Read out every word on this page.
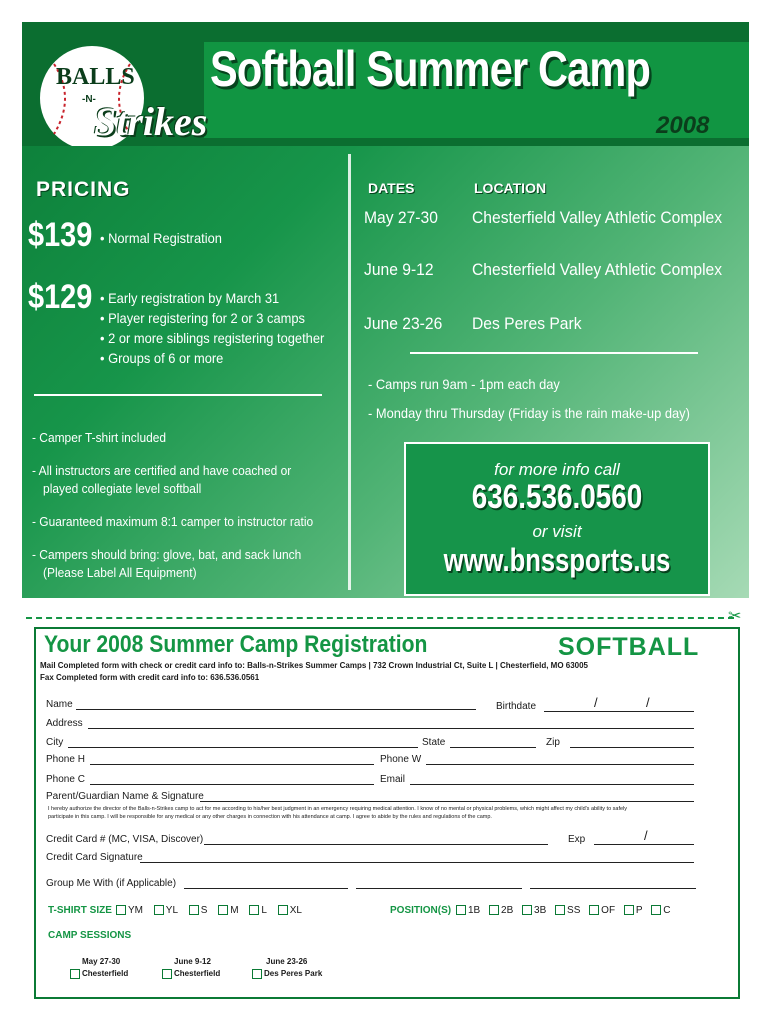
BALLS
-N-
Strikes
Softball Summer Camp
2008
PRICING
$139 • Normal Registration
$129 • Early registration by March 31
• Player registering for 2 or 3 camps
• 2 or more siblings registering together
• Groups of 6 or more
- Camper T-shirt included
- All instructors are certified and have coached or
played collegiate level softball
- Guaranteed maximum 8:1 camper to instructor ratio
- Campers should bring: glove, bat, and sack lunch
(Please Label All Equipment)
DATES	LOCATION
May 27-30 Chesterfield Valley Athletic Complex
June 9-12 Chesterfield Valley Athletic Complex
June 23-26 Des Peres Park
- Camps run 9am - 1pm each day
- Monday thru Thursday (Friday is the rain make-up day)
for more info call
636.536.0560
or visit
www.bnssports.us
✂
Your 2008 Summer Camp Registration	SOFTBALL
Mail Completed form with check or credit card info to: Balls-n-Strikes Summer Camps | 732 Crown Industrial Ct, Suite L | Chesterfield, MO 63005
Fax Completed form with credit card info to: 636.536.0561
Name	Birthdate	/	/
Address
City	State	Zip
Phone H	Phone W
Phone C	Email
Parent/Guardian Name & Signature
I hereby authorize the director of the Balls-n-Strikes camp to act for me according to his/her best judgment in an emergency requiring medical attention. I know of no mental or physical problems, which might affect my child's ability to safely
participate in this camp. I will be responsible for any medical or any other charges in connection with his attendance at camp. I agree to abide by the rules and regulations of the camp.
Credit Card # (MC, VISA, Discover)	Exp	/
Credit Card Signature
Group Me With (if Applicable)
T-SHIRT SIZE	YM YL S M L XL	POSITION(S)	1B 2B 3B SS OF P C
CAMP SESSIONS
May 27-30
Chesterfield
June 9-12
Chesterfield
June 23-26
Des Peres Park
